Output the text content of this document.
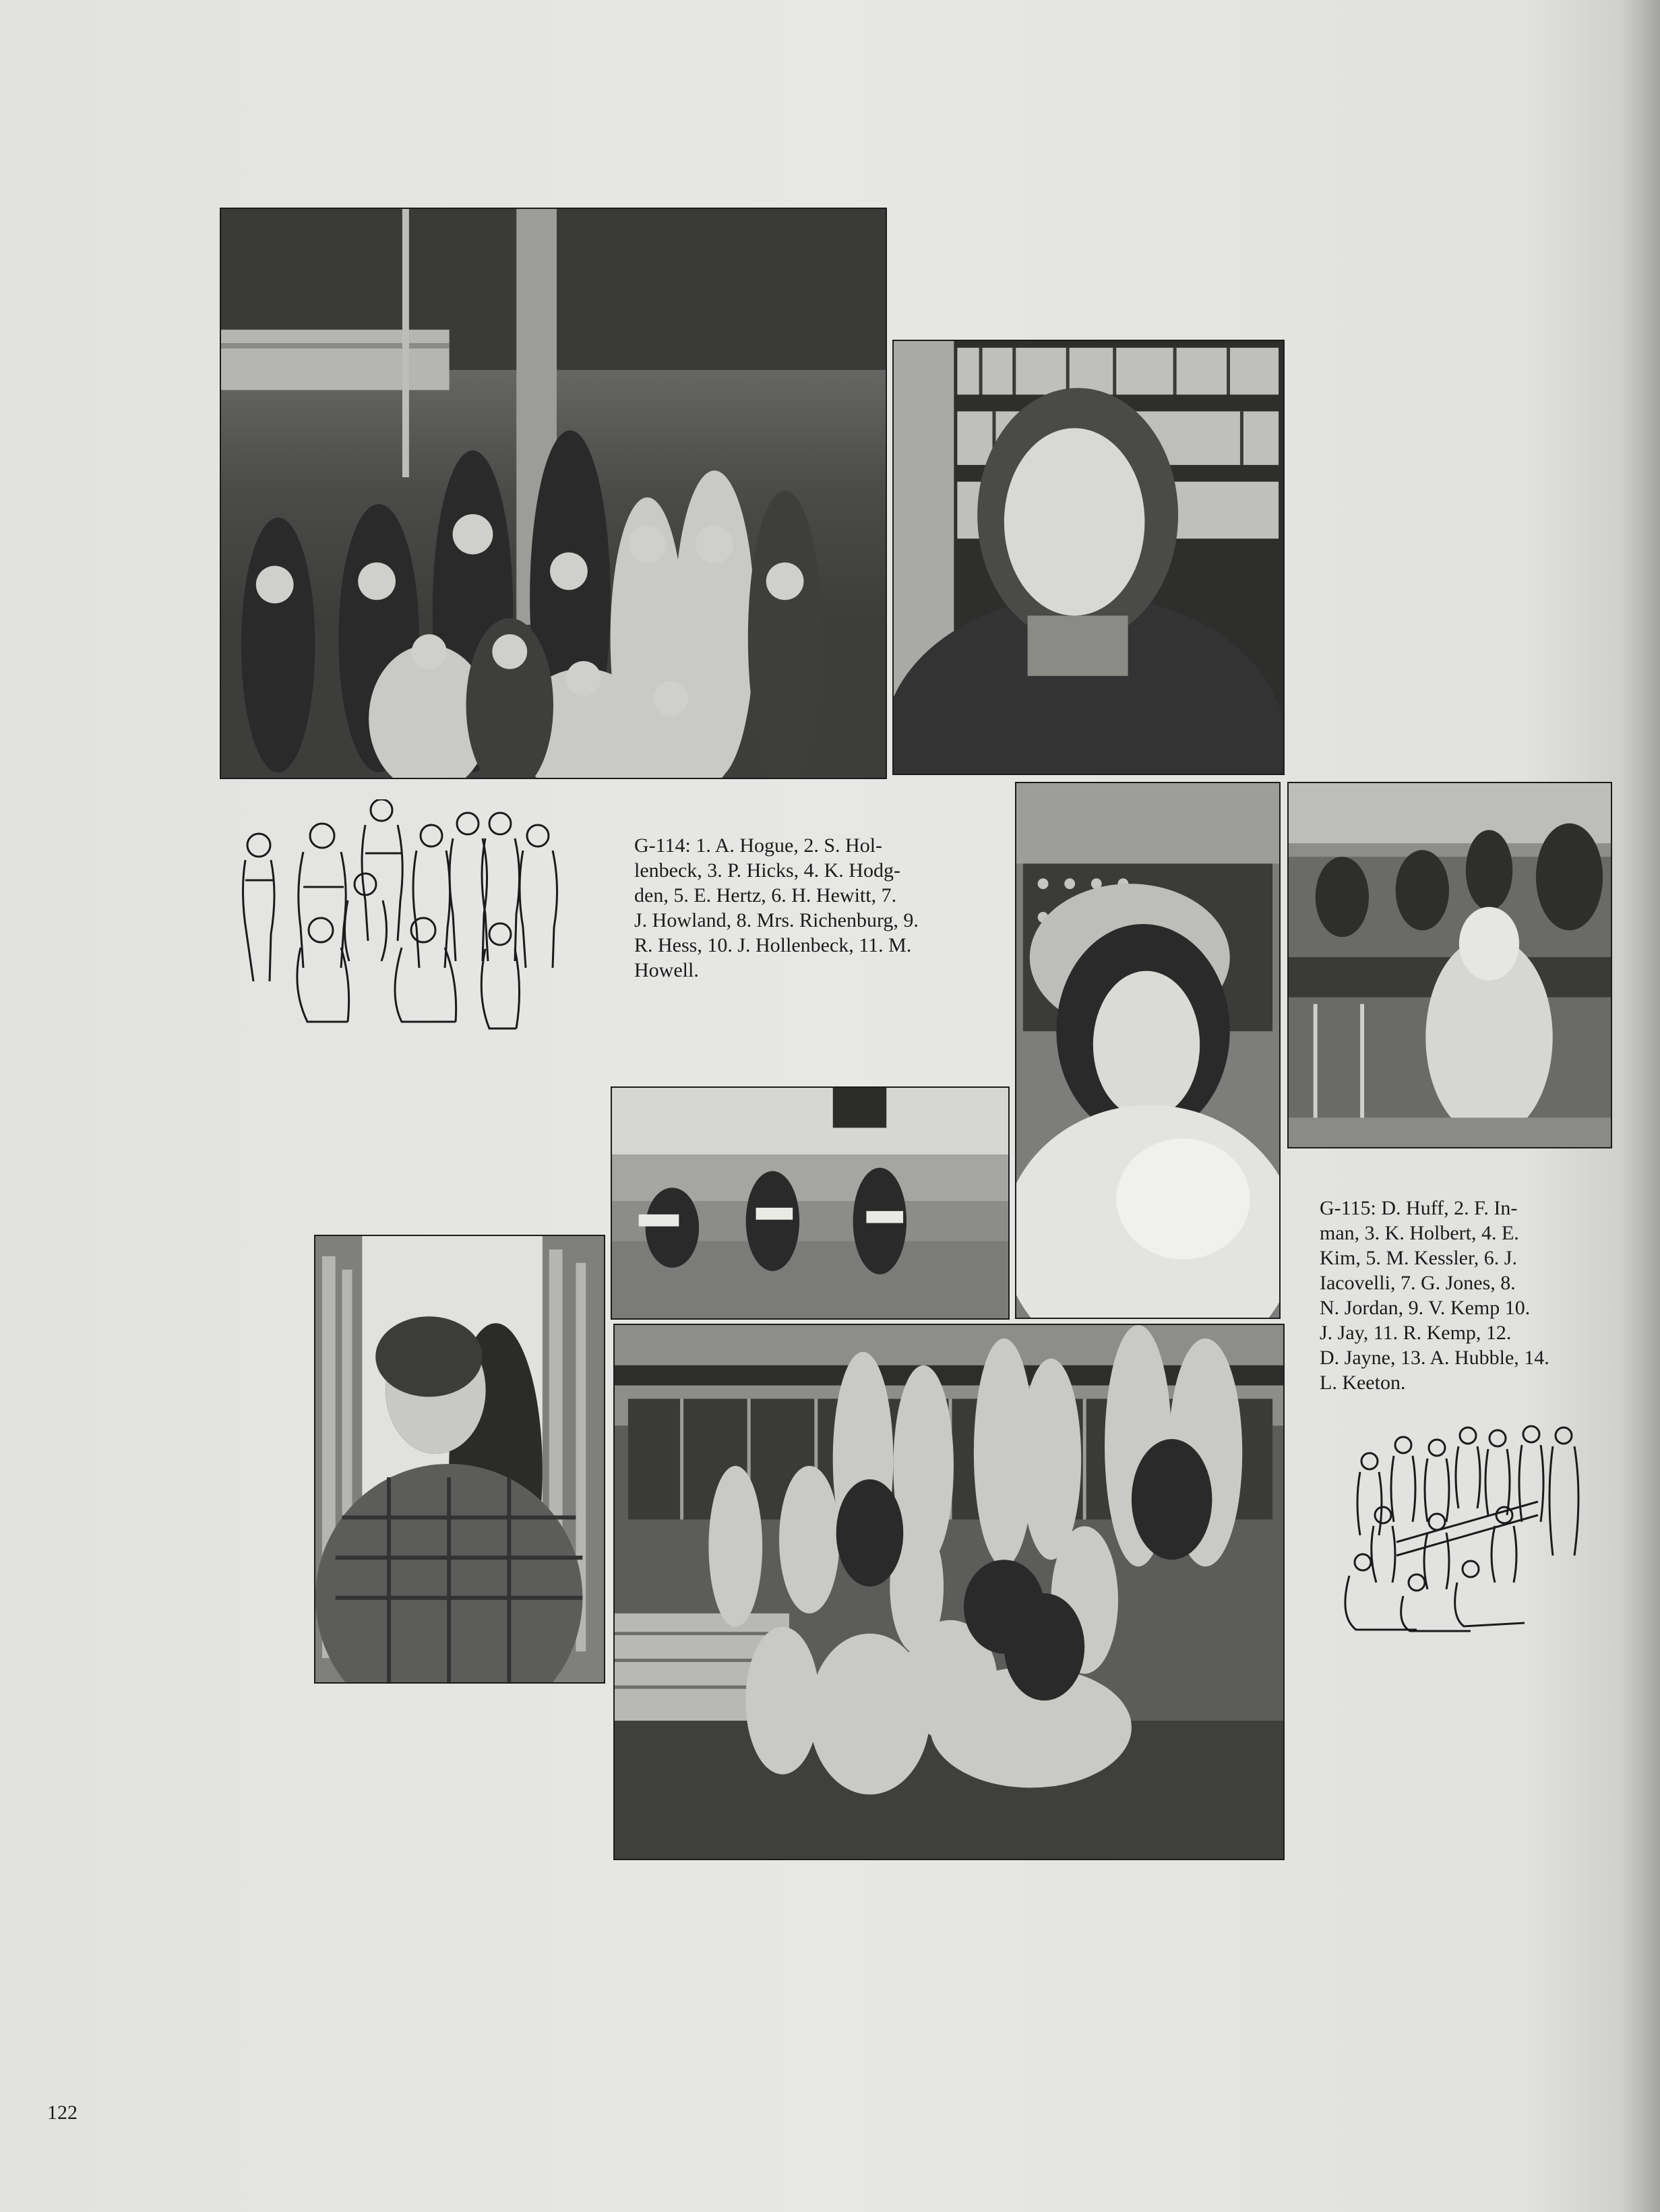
G-114: 1. A. Hogue, 2. S. Hol-
lenbeck, 3. P. Hicks, 4. K. Hodg-
den, 5. E. Hertz, 6. H. Hewitt, 7.
J. Howland, 8. Mrs. Richenburg, 9.
R. Hess, 10. J. Hollenbeck, 11. M.
Howell.

G-115: D. Huff, 2. F. In-
man, 3. K. Holbert, 4. E.
Kim, 5. M. Kessler, 6. J.
Iacovelli, 7. G. Jones, 8.
N. Jordan, 9. V. Kemp 10.
J. Jay, 11. R. Kemp, 12.
D. Jayne, 13. A. Hubble, 14.
L. Keeton.

122
